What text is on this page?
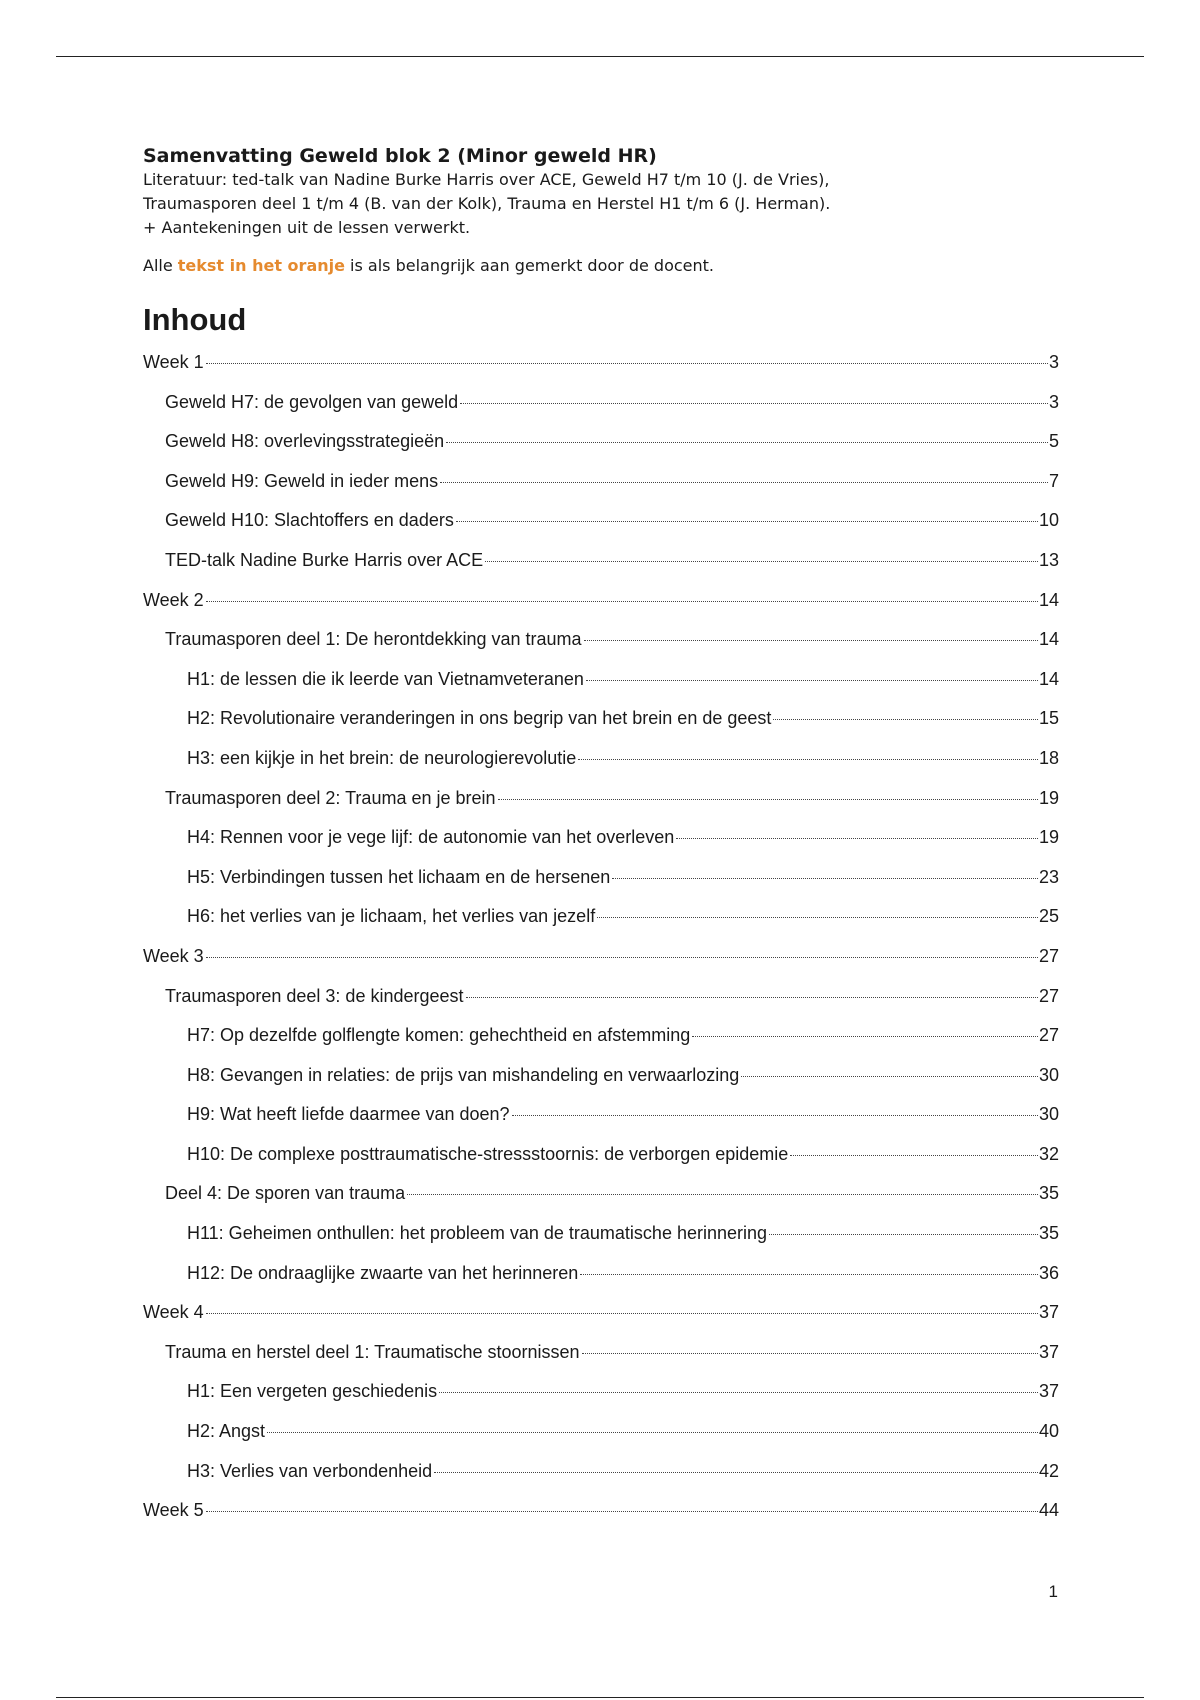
Samenvatting Geweld blok 2 (Minor geweld HR)

Literatuur: ted-talk van Nadine Burke Harris over ACE, Geweld H7 t/m 10 (J. de Vries),

Traumasporen deel 1 t/m 4 (B. van der Kolk), Trauma en Herstel H1 t/m 6 (J. Herman).

+ Aantekeningen uit de lessen verwerkt.

Alle tekst in het oranje is als belangrijk aan gemerkt door de docent.

Inhoud
Week 1	3
Geweld H7: de gevolgen van geweld	3
Geweld H8: overlevingsstrategieën	5
Geweld H9: Geweld in ieder mens	7
Geweld H10: Slachtoffers en daders	10
TED-talk Nadine Burke Harris over ACE	13
Week 2	14
Traumasporen deel 1: De herontdekking van trauma	14
H1: de lessen die ik leerde van Vietnamveteranen	14
H2: Revolutionaire veranderingen in ons begrip van het brein en de geest	15
H3: een kijkje in het brein: de neurologierevolutie	18
Traumasporen deel 2: Trauma en je brein	19
H4: Rennen voor je vege lijf: de autonomie van het overleven	19
H5: Verbindingen tussen het lichaam en de hersenen	23
H6: het verlies van je lichaam, het verlies van jezelf	25
Week 3	27
Traumasporen deel 3: de kindergeest	27
H7: Op dezelfde golflengte komen: gehechtheid en afstemming	27
H8: Gevangen in relaties: de prijs van mishandeling en verwaarlozing	30
H9: Wat heeft liefde daarmee van doen?	30
H10: De complexe posttraumatische-stressstoornis: de verborgen epidemie	32
Deel 4: De sporen van trauma	35
H11: Geheimen onthullen: het probleem van de traumatische herinnering	35
H12: De ondraaglijke zwaarte van het herinneren	36
Week 4	37
Trauma en herstel deel 1: Traumatische stoornissen	37
H1: Een vergeten geschiedenis	37
H2: Angst	40
H3: Verlies van verbondenheid	42
Week 5	44
1
